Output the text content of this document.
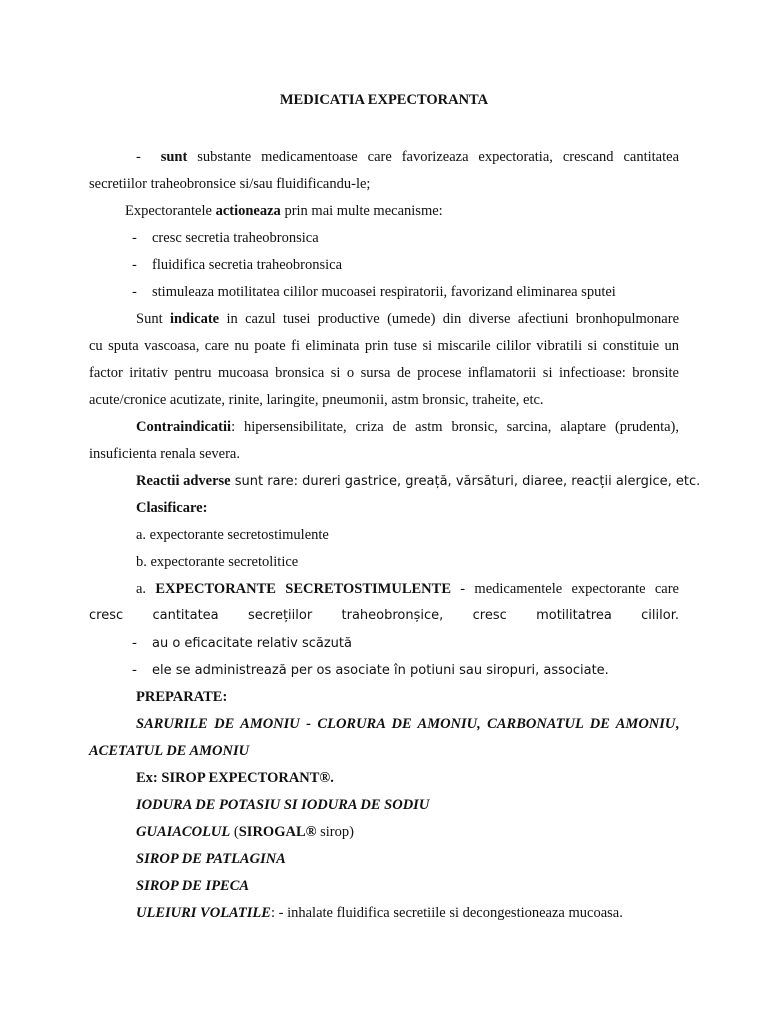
MEDICATIA EXPECTORANTA
- sunt substante medicamentoase care favorizeaza expectoratia, crescand cantitatea
secretiilor traheobronsice si/sau fluidificandu-le;
Expectorantele actioneaza prin mai multe mecanisme:
- cresc secretia traheobronsica
- fluidifica secretia traheobronsica
- stimuleaza motilitatea cililor mucoasei respiratorii, favorizand eliminarea sputei
Sunt indicate in cazul tusei productive (umede) din diverse afectiuni bronhopulmonare
cu sputa vascoasa, care nu poate fi eliminata prin tuse si miscarile cililor vibratili si constituie un
factor iritativ pentru mucoasa bronsica si o sursa de procese inflamatorii si infectioase: bronsite
acute/cronice acutizate, rinite, laringite, pneumonii, astm bronsic, traheite, etc.
Contraindicatii: hipersensibilitate, criza de astm bronsic, sarcina, alaptare (prudenta),
insuficienta renala severa.
Reactii adverse sunt rare: dureri gastrice, greață, vărsături, diaree, reacții alergice, etc.
Clasificare:
a. expectorante secretostimulente
b. expectorante secretolitice
a. EXPECTORANTE SECRETOSTIMULENTE - medicamentele expectorante care
cresc cantitatea secrețiilor traheobronșice, cresc motilitatrea cililor.
- au o eficacitate relativ scăzută
- ele se administrează per os asociate în potiuni sau siropuri, associate.
PREPARATE:
SARURILE DE AMONIU - CLORURA DE AMONIU, CARBONATUL DE AMONIU,
ACETATUL DE AMONIU
Ex: SIROP EXPECTORANT®.
IODURA DE POTASIU SI IODURA DE SODIU
GUAIACOLUL (SIROGAL® sirop)
SIROP DE PATLAGINA
SIROP DE IPECA
ULEIURI VOLATILE: - inhalate fluidifica secretiile si decongestioneaza mucoasa.
